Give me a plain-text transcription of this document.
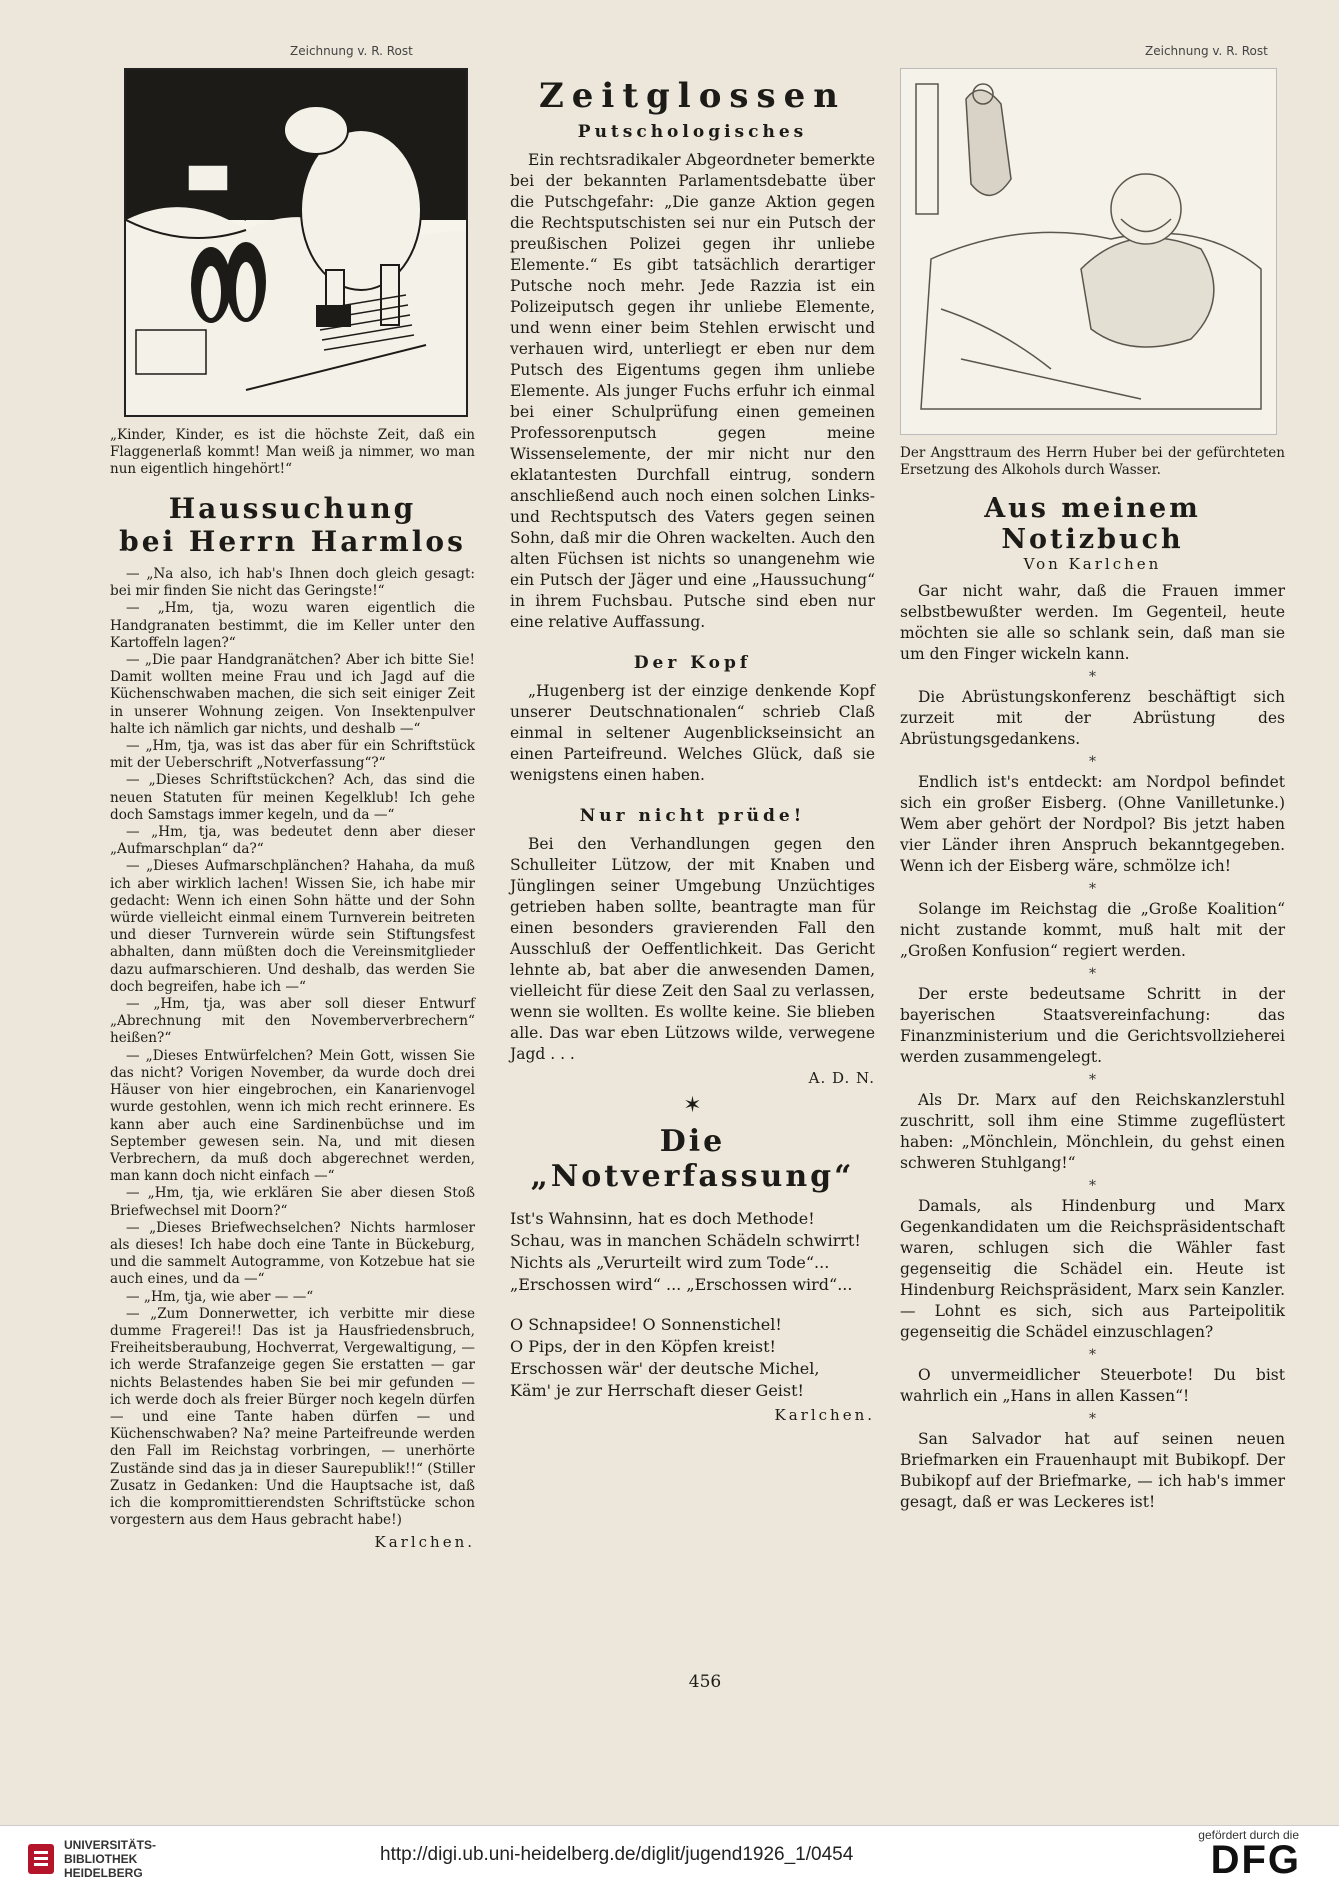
Zeichnung v. R. Rost	Zeichnung v. R. Rost
„Kinder, Kinder, es ist die höchste Zeit, daß ein Flaggenerlaß kommt! Man weiß ja nimmer, wo man nun eigentlich hingehört!“
Haussuchung
bei Herrn Harmlos

— „Na also, ich hab's Ihnen doch gleich gesagt: bei mir finden Sie nicht das Geringste!“

— „Hm, tja, wozu waren eigentlich die Handgranaten bestimmt, die im Keller unter den Kartoffeln lagen?“

— „Die paar Handgranätchen? Aber ich bitte Sie! Damit wollten meine Frau und ich Jagd auf die Küchenschwaben machen, die sich seit einiger Zeit in unserer Wohnung zeigen. Von Insektenpulver halte ich nämlich gar nichts, und deshalb —“

— „Hm, tja, was ist das aber für ein Schriftstück mit der Ueberschrift „Notverfassung“?“

— „Dieses Schriftstückchen? Ach, das sind die neuen Statuten für meinen Kegelklub! Ich gehe doch Samstags immer kegeln, und da —“

— „Hm, tja, was bedeutet denn aber dieser „Aufmarschplan“ da?“

— „Dieses Aufmarschplänchen? Hahaha, da muß ich aber wirklich lachen! Wissen Sie, ich habe mir gedacht: Wenn ich einen Sohn hätte und der Sohn würde vielleicht einmal einem Turnverein beitreten und dieser Turnverein würde sein Stiftungsfest abhalten, dann müßten doch die Vereinsmitglieder dazu aufmarschieren. Und deshalb, das werden Sie doch begreifen, habe ich —“

— „Hm, tja, was aber soll dieser Entwurf „Abrechnung mit den Novemberverbrechern“ heißen?“

— „Dieses Entwürfelchen? Mein Gott, wissen Sie das nicht? Vorigen November, da wurde doch drei Häuser von hier eingebrochen, ein Kanarienvogel wurde gestohlen, wenn ich mich recht erinnere. Es kann aber auch eine Sardinenbüchse und im September gewesen sein. Na, und mit diesen Verbrechern, da muß doch abgerechnet werden, man kann doch nicht einfach —“

— „Hm, tja, wie erklären Sie aber diesen Stoß Briefwechsel mit Doorn?“

— „Dieses Briefwechselchen? Nichts harmloser als dieses! Ich habe doch eine Tante in Bückeburg, und die sammelt Autogramme, von Kotzebue hat sie auch eines, und da —“

— „Hm, tja, wie aber — —“

— „Zum Donnerwetter, ich verbitte mir diese dumme Fragerei!! Das ist ja Hausfriedensbruch, Freiheitsberaubung, Hochverrat, Vergewaltigung, — ich werde Strafanzeige gegen Sie erstatten — gar nichts Belastendes haben Sie bei mir gefunden — ich werde doch als freier Bürger noch kegeln dürfen — und eine Tante haben dürfen — und Küchenschwaben? Na? meine Parteifreunde werden den Fall im Reichstag vorbringen, — unerhörte Zustände sind das ja in dieser Saurepublik!!“ (Stiller Zusatz in Gedanken: Und die Hauptsache ist, daß ich die kompromittierendsten Schriftstücke schon vorgestern aus dem Haus gebracht habe!)

Karlchen.
Zeitglossen
Putschologisches

Ein rechtsradikaler Abgeordneter bemerkte bei der bekannten Parlamentsdebatte über die Putschgefahr: „Die ganze Aktion gegen die Rechtsputschisten sei nur ein Putsch der preußischen Polizei gegen ihr unliebe Elemente.“ Es gibt tatsächlich derartiger Putsche noch mehr. Jede Razzia ist ein Polizeiputsch gegen ihr unliebe Elemente, und wenn einer beim Stehlen erwischt und verhauen wird, unterliegt er eben nur dem Putsch des Eigentums gegen ihm unliebe Elemente. Als junger Fuchs erfuhr ich einmal bei einer Schulprüfung einen gemeinen Professorenputsch gegen meine Wissenselemente, der mir nicht nur den eklatantesten Durchfall eintrug, sondern anschließend auch noch einen solchen Links- und Rechtsputsch des Vaters gegen seinen Sohn, daß mir die Ohren wackelten. Auch den alten Füchsen ist nichts so unangenehm wie ein Putsch der Jäger und eine „Haussuchung“ in ihrem Fuchsbau. Putsche sind eben nur eine relative Auffassung.

Der Kopf

„Hugenberg ist der einzige denkende Kopf unserer Deutschnationalen“ schrieb Claß einmal in seltener Augenblickseinsicht an einen Parteifreund. Welches Glück, daß sie wenigstens einen haben.

Nur nicht prüde!

Bei den Verhandlungen gegen den Schulleiter Lützow, der mit Knaben und Jünglingen seiner Umgebung Unzüchtiges getrieben haben sollte, beantragte man für einen besonders gravierenden Fall den Ausschluß der Oeffentlichkeit. Das Gericht lehnte ab, bat aber die anwesenden Damen, vielleicht für diese Zeit den Saal zu verlassen, wenn sie wollten. Es wollte keine. Sie blieben alle. Das war eben Lützows wilde, verwegene Jagd . . .

A. D. N.
✶
Die „Notverfassung“

Ist's Wahnsinn, hat es doch Methode!

Schau, was in manchen Schädeln schwirrt!

Nichts als „Verurteilt wird zum Tode“...

„Erschossen wird“ ... „Erschossen wird“...

O Schnapsidee! O Sonnenstichel!

O Pips, der in den Köpfen kreist!

Erschossen wär' der deutsche Michel,

Käm' je zur Herrschaft dieser Geist!

Karlchen.
Der Angsttraum des Herrn Huber bei der gefürchteten Ersetzung des Alkohols durch Wasser.
Aus meinem Notizbuch
Von Karlchen

Gar nicht wahr, daß die Frauen immer selbstbewußter werden. Im Gegenteil, heute möchten sie alle so schlank sein, daß man sie um den Finger wickeln kann.

*

Die Abrüstungskonferenz beschäftigt sich zurzeit mit der Abrüstung des Abrüstungsgedankens.

*

Endlich ist's entdeckt: am Nordpol befindet sich ein großer Eisberg. (Ohne Vanilletunke.) Wem aber gehört der Nordpol? Bis jetzt haben vier Länder ihren Anspruch bekanntgegeben. Wenn ich der Eisberg wäre, schmölze ich!

*

Solange im Reichstag die „Große Koalition“ nicht zustande kommt, muß halt mit der „Großen Konfusion“ regiert werden.

*

Der erste bedeutsame Schritt in der bayerischen Staatsvereinfachung: das Finanzministerium und die Gerichtsvollzieherei werden zusammengelegt.

*

Als Dr. Marx auf den Reichskanzlerstuhl zuschritt, soll ihm eine Stimme zugeflüstert haben: „Mönchlein, Mönchlein, du gehst einen schweren Stuhlgang!“

*

Damals, als Hindenburg und Marx Gegenkandidaten um die Reichspräsidentschaft waren, schlugen sich die Wähler fast gegenseitig die Schädel ein. Heute ist Hindenburg Reichspräsident, Marx sein Kanzler. — Lohnt es sich, sich aus Parteipolitik gegenseitig die Schädel einzuschlagen?

*

O unvermeidlicher Steuerbote! Du bist wahrlich ein „Hans in allen Kassen“!

*

San Salvador hat auf seinen neuen Briefmarken ein Frauenhaupt mit Bubikopf. Der Bubikopf auf der Briefmarke, — ich hab's immer gesagt, daß er was Leckeres ist!

456
UNIVERSITÄTS-
BIBLIOTHEK
HEIDELBERG
http://digi.ub.uni-heidelberg.de/diglit/jugend1926_1/0454
gefördert durch die
DFG
